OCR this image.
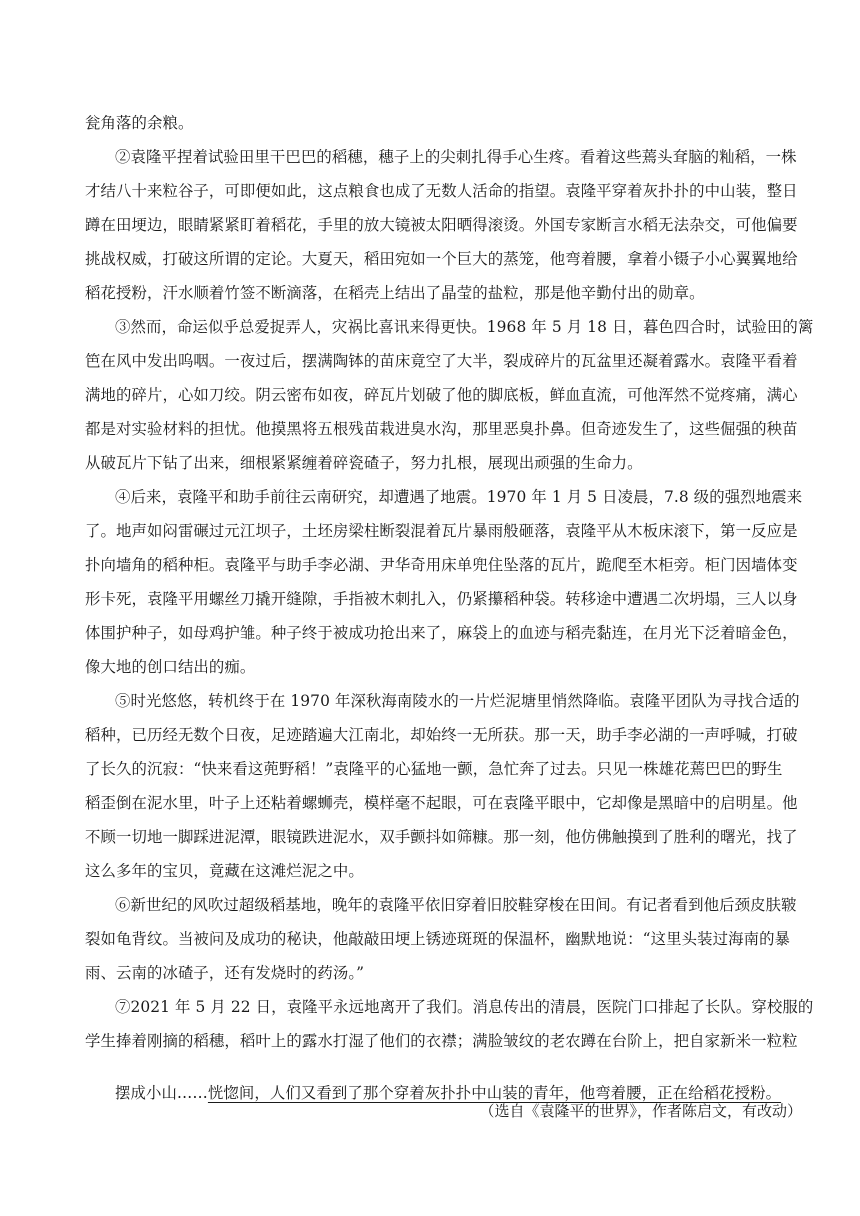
瓮角落的余粮。
②袁隆平捏着试验田里干巴巴的稻穗，穗子上的尖刺扎得手心生疼。看着这些蔫头耷脑的籼稻，一株
才结八十来粒谷子，可即便如此，这点粮食也成了无数人活命的指望。袁隆平穿着灰扑扑的中山装，整日
蹲在田埂边，眼睛紧紧盯着稻花，手里的放大镜被太阳晒得滚烫。外国专家断言水稻无法杂交，可他偏要
挑战权威，打破这所谓的定论。大夏天，稻田宛如一个巨大的蒸笼，他弯着腰，拿着小镊子小心翼翼地给
稻花授粉，汗水顺着竹签不断滴落，在稻壳上结出了晶莹的盐粒，那是他辛勤付出的勋章。
③然而，命运似乎总爱捉弄人，灾祸比喜讯来得更快。1968 年 5 月 18 日，暮色四合时，试验田的篱
笆在风中发出呜咽。一夜过后，摆满陶钵的苗床竟空了大半，裂成碎片的瓦盆里还凝着露水。袁隆平看着
满地的碎片，心如刀绞。阴云密布如夜，碎瓦片划破了他的脚底板，鲜血直流，可他浑然不觉疼痛，满心
都是对实验材料的担忧。他摸黑将五根残苗栽进臭水沟，那里恶臭扑鼻。但奇迹发生了，这些倔强的秧苗
从破瓦片下钻了出来，细根紧紧缠着碎瓷碴子，努力扎根，展现出顽强的生命力。
④后来，袁隆平和助手前往云南研究，却遭遇了地震。1970 年 1 月 5 日凌晨，7.8 级的强烈地震来
了。地声如闷雷碾过元江坝子，土坯房梁柱断裂混着瓦片暴雨般砸落，袁隆平从木板床滚下，第一反应是
扑向墙角的稻种柜。袁隆平与助手李必湖、尹华奇用床单兜住坠落的瓦片，跪爬至木柜旁。柜门因墙体变
形卡死，袁隆平用螺丝刀撬开缝隙，手指被木刺扎入，仍紧攥稻种袋。转移途中遭遇二次坍塌，三人以身
体围护种子，如母鸡护雏。种子终于被成功抢出来了，麻袋上的血迹与稻壳黏连，在月光下泛着暗金色，
像大地的创口结出的痂。
⑤时光悠悠，转机终于在 1970 年深秋海南陵水的一片烂泥塘里悄然降临。袁隆平团队为寻找合适的
稻种，已历经无数个日夜，足迹踏遍大江南北，却始终一无所获。那一天，助手李必湖的一声呼喊，打破
了长久的沉寂：“快来看这蔸野稻！”袁隆平的心猛地一颤，急忙奔了过去。只见一株雄花蔫巴巴的野生
稻歪倒在泥水里，叶子上还粘着螺蛳壳，模样毫不起眼，可在袁隆平眼中，它却像是黑暗中的启明星。他
不顾一切地一脚踩进泥潭，眼镜跌进泥水，双手颤抖如筛糠。那一刻，他仿佛触摸到了胜利的曙光，找了
这么多年的宝贝，竟藏在这滩烂泥之中。
⑥新世纪的风吹过超级稻基地，晚年的袁隆平依旧穿着旧胶鞋穿梭在田间。有记者看到他后颈皮肤皲
裂如龟背纹。当被问及成功的秘诀，他敲敲田埂上锈迹斑斑的保温杯，幽默地说：“这里头装过海南的暴
雨、云南的冰碴子，还有发烧时的药汤。”
⑦2021 年 5 月 22 日，袁隆平永远地离开了我们。消息传出的清晨，医院门口排起了长队。穿校服的
学生捧着刚摘的稻穗，稻叶上的露水打湿了他们的衣襟；满脸皱纹的老农蹲在台阶上，把自家新米一粒粒

摆成小山……恍惚间，人们又看到了那个穿着灰扑扑中山装的青年，他弯着腰，正在给稻花授粉。

（选自《袁隆平的世界》，作者陈启文，有改动）
